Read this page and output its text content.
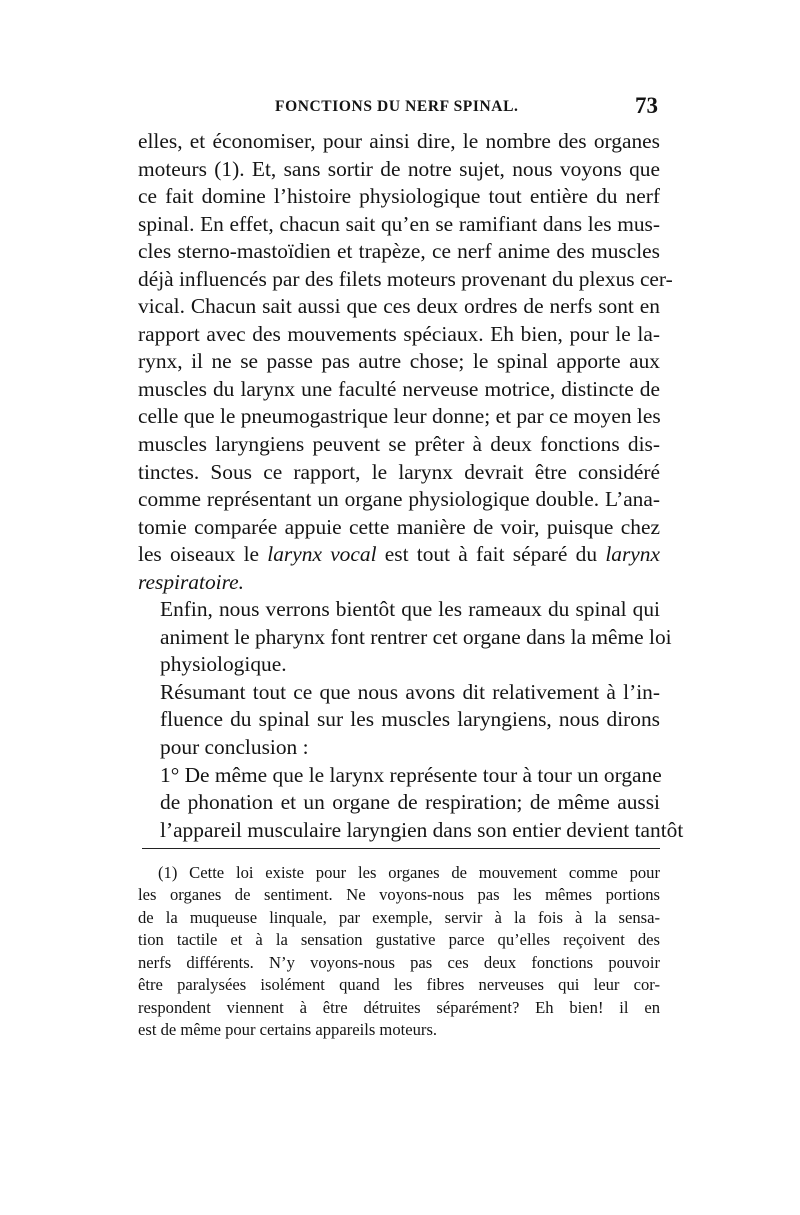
FONCTIONS DU NERF SPINAL.	73

elles, et économiser, pour ainsi dire, le nombre des organes
moteurs (1). Et, sans sortir de notre sujet, nous voyons que
ce fait domine l’histoire physiologique tout entière du nerf
spinal. En effet, chacun sait qu’en se ramifiant dans les mus-
cles sterno-mastoïdien et trapèze, ce nerf anime des muscles
déjà influencés par des filets moteurs provenant du plexus cer-
vical. Chacun sait aussi que ces deux ordres de nerfs sont en
rapport avec des mouvements spéciaux. Eh bien, pour le la-
rynx, il ne se passe pas autre chose; le spinal apporte aux
muscles du larynx une faculté nerveuse motrice, distincte de
celle que le pneumogastrique leur donne; et par ce moyen les
muscles laryngiens peuvent se prêter à deux fonctions dis-
tinctes. Sous ce rapport, le larynx devrait être considéré
comme représentant un organe physiologique double. L’ana-
tomie comparée appuie cette manière de voir, puisque chez
les oiseaux le larynx vocal est tout à fait séparé du larynx
respiratoire.

Enfin, nous verrons bientôt que les rameaux du spinal qui
animent le pharynx font rentrer cet organe dans la même loi
physiologique.

Résumant tout ce que nous avons dit relativement à l’in-
fluence du spinal sur les muscles laryngiens, nous dirons
pour conclusion :

1° De même que le larynx représente tour à tour un organe
de phonation et un organe de respiration; de même aussi
l’appareil musculaire laryngien dans son entier devient tantôt

(1) Cette loi existe pour les organes de mouvement comme pour
les organes de sentiment. Ne voyons-nous pas les mêmes portions
de la muqueuse linquale, par exemple, servir à la fois à la sensa-
tion tactile et à la sensation gustative parce qu’elles reçoivent des
nerfs différents. N’y voyons-nous pas ces deux fonctions pouvoir
être paralysées isolément quand les fibres nerveuses qui leur cor-
respondent viennent à être détruites séparément? Eh bien! il en
est de même pour certains appareils moteurs.
